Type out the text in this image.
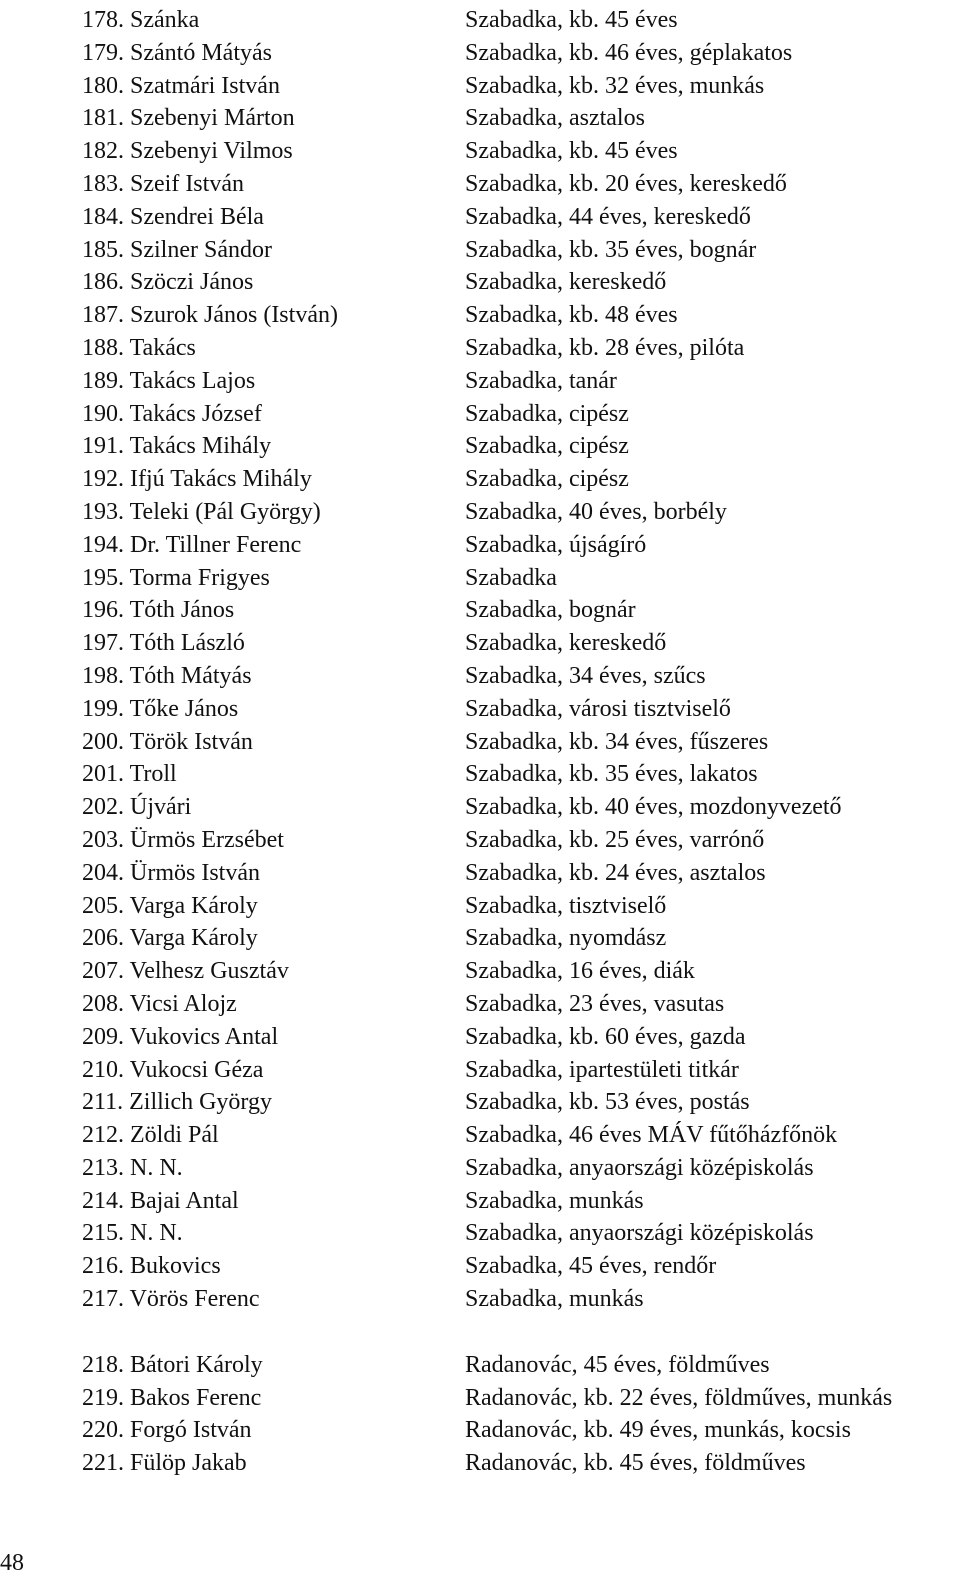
178. Szánka	Szabadka, kb. 45 éves
179. Szántó Mátyás	Szabadka, kb. 46 éves, géplakatos
180. Szatmári István	Szabadka, kb. 32 éves, munkás
181. Szebenyi Márton	Szabadka, asztalos
182. Szebenyi Vilmos	Szabadka, kb. 45 éves
183. Szeif István	Szabadka, kb. 20 éves, kereskedő
184. Szendrei Béla	Szabadka, 44 éves, kereskedő
185. Szilner Sándor	Szabadka, kb. 35 éves, bognár
186. Szöczi János	Szabadka, kereskedő
187. Szurok János (István)	Szabadka, kb. 48 éves
188. Takács	Szabadka, kb. 28 éves, pilóta
189. Takács Lajos	Szabadka, tanár
190. Takács József	Szabadka, cipész
191. Takács Mihály	Szabadka, cipész
192. Ifjú Takács Mihály	Szabadka, cipész
193. Teleki (Pál György)	Szabadka, 40 éves, borbély
194. Dr. Tillner Ferenc	Szabadka, újságíró
195. Torma Frigyes	Szabadka
196. Tóth János	Szabadka, bognár
197. Tóth László	Szabadka, kereskedő
198. Tóth Mátyás	Szabadka, 34 éves, szűcs
199. Tőke János	Szabadka, városi tisztviselő
200. Török István	Szabadka, kb. 34 éves, fűszeres
201. Troll	Szabadka, kb. 35 éves, lakatos
202. Újvári	Szabadka, kb. 40 éves, mozdonyvezető
203. Ürmös Erzsébet	Szabadka, kb. 25 éves, varrónő
204. Ürmös István	Szabadka, kb. 24 éves, asztalos
205. Varga Károly	Szabadka, tisztviselő
206. Varga Károly	Szabadka, nyomdász
207. Velhesz Gusztáv	Szabadka, 16 éves, diák
208. Vicsi Alojz	Szabadka, 23 éves, vasutas
209. Vukovics Antal	Szabadka, kb. 60 éves, gazda
210. Vukocsi Géza	Szabadka, ipartestületi titkár
211. Zillich György	Szabadka, kb. 53 éves, postás
212. Zöldi Pál	Szabadka, 46 éves MÁV fűtőházfőnök
213. N. N.	Szabadka, anyaországi középiskolás
214. Bajai Antal	Szabadka, munkás
215. N. N.	Szabadka, anyaországi középiskolás
216. Bukovics	Szabadka, 45 éves, rendőr
217. Vörös Ferenc	Szabadka, munkás
218. Bátori Károly	Radanovác, 45 éves, földműves
219. Bakos Ferenc	Radanovác, kb. 22 éves, földműves, munkás
220. Forgó István	Radanovác, kb. 49 éves, munkás, kocsis
221. Fülöp Jakab	Radanovác, kb. 45 éves, földműves
48
